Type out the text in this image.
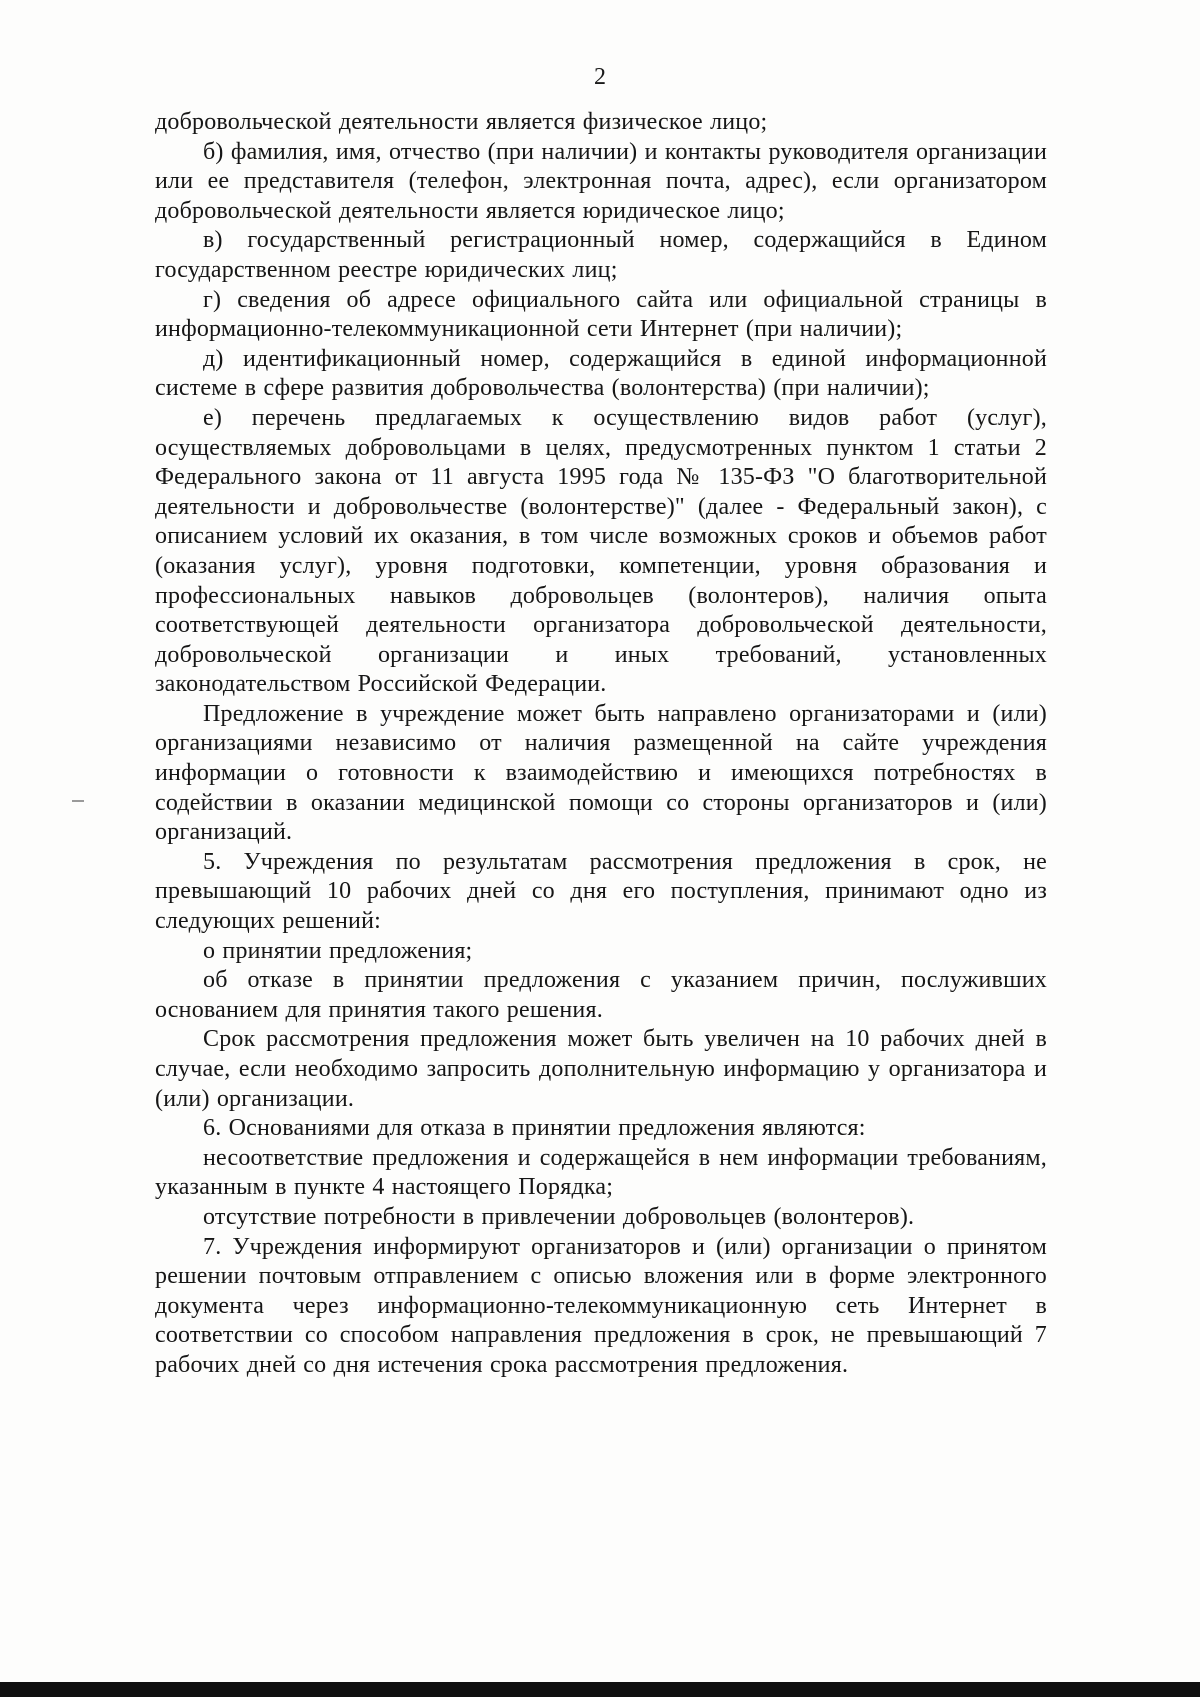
2

добровольческой деятельности является физическое лицо;

б) фамилия, имя, отчество (при наличии) и контакты руководителя организации или ее представителя (телефон, электронная почта, адрес), если организатором добровольческой деятельности является юридическое лицо;

в) государственный регистрационный номер, содержащийся в Едином государственном реестре юридических лиц;

г) сведения об адресе официального сайта или официальной страницы в информационно-телекоммуникационной сети Интернет (при наличии);

д) идентификационный номер, содержащийся в единой информационной системе в сфере развития добровольчества (волонтерства) (при наличии);

е) перечень предлагаемых к осуществлению видов работ (услуг), осуществляемых добровольцами в целях, предусмотренных пунктом 1 статьи 2 Федерального закона от 11 августа 1995 года № 135-ФЗ "О благотворительной деятельности и добровольчестве (волонтерстве)" (далее - Федеральный закон), с описанием условий их оказания, в том числе возможных сроков и объемов работ (оказания услуг), уровня подготовки, компетенции, уровня образования и профессиональных навыков добровольцев (волонтеров), наличия опыта соответствующей деятельности организатора добровольческой деятельности, добровольческой организации и иных требований, установленных законодательством Российской Федерации.

Предложение в учреждение может быть направлено организаторами и (или) организациями независимо от наличия размещенной на сайте учреждения информации о готовности к взаимодействию и имеющихся потребностях в содействии в оказании медицинской помощи со стороны организаторов и (или) организаций.

5. Учреждения по результатам рассмотрения предложения в срок, не превышающий 10 рабочих дней со дня его поступления, принимают одно из следующих решений:

о принятии предложения;

об отказе в принятии предложения с указанием причин, послуживших основанием для принятия такого решения.

Срок рассмотрения предложения может быть увеличен на 10 рабочих дней в случае, если необходимо запросить дополнительную информацию у организатора и (или) организации.

6. Основаниями для отказа в принятии предложения являются:

несоответствие предложения и содержащейся в нем информации требованиям, указанным в пункте 4 настоящего Порядка;

отсутствие потребности в привлечении добровольцев (волонтеров).

7. Учреждения информируют организаторов и (или) организации о принятом решении почтовым отправлением с описью вложения или в форме электронного документа через информационно-телекоммуникационную сеть Интернет в соответствии со способом направления предложения в срок, не превышающий 7 рабочих дней со дня истечения срока рассмотрения предложения.
